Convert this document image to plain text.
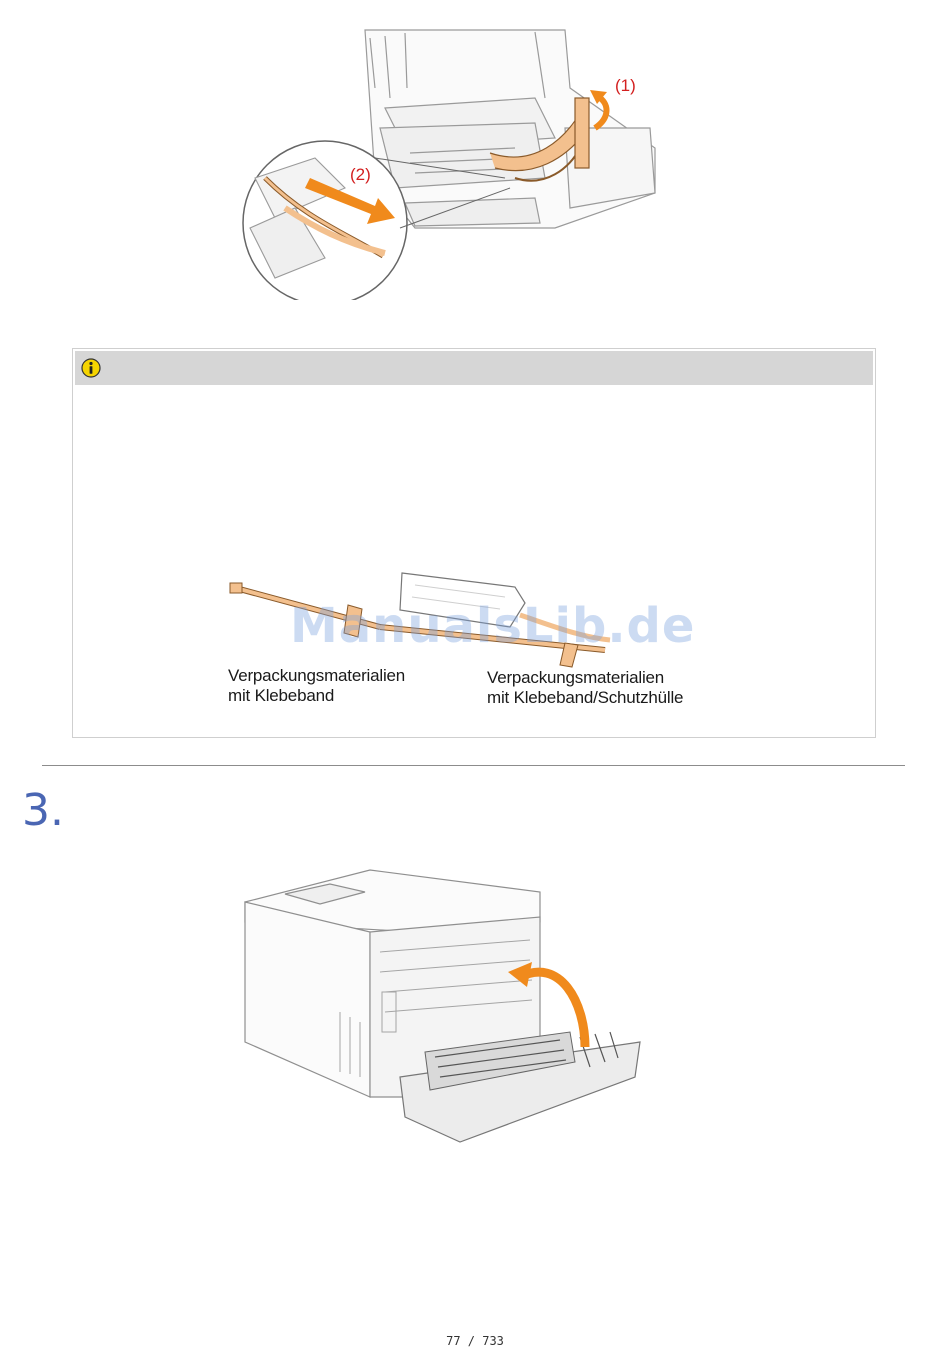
(1)
(2)
ManualsLib.de
Verpackungsmaterialien
mit Klebeband
Verpackungsmaterialien
mit Klebeband/Schutzhülle
3.
77 / 733
